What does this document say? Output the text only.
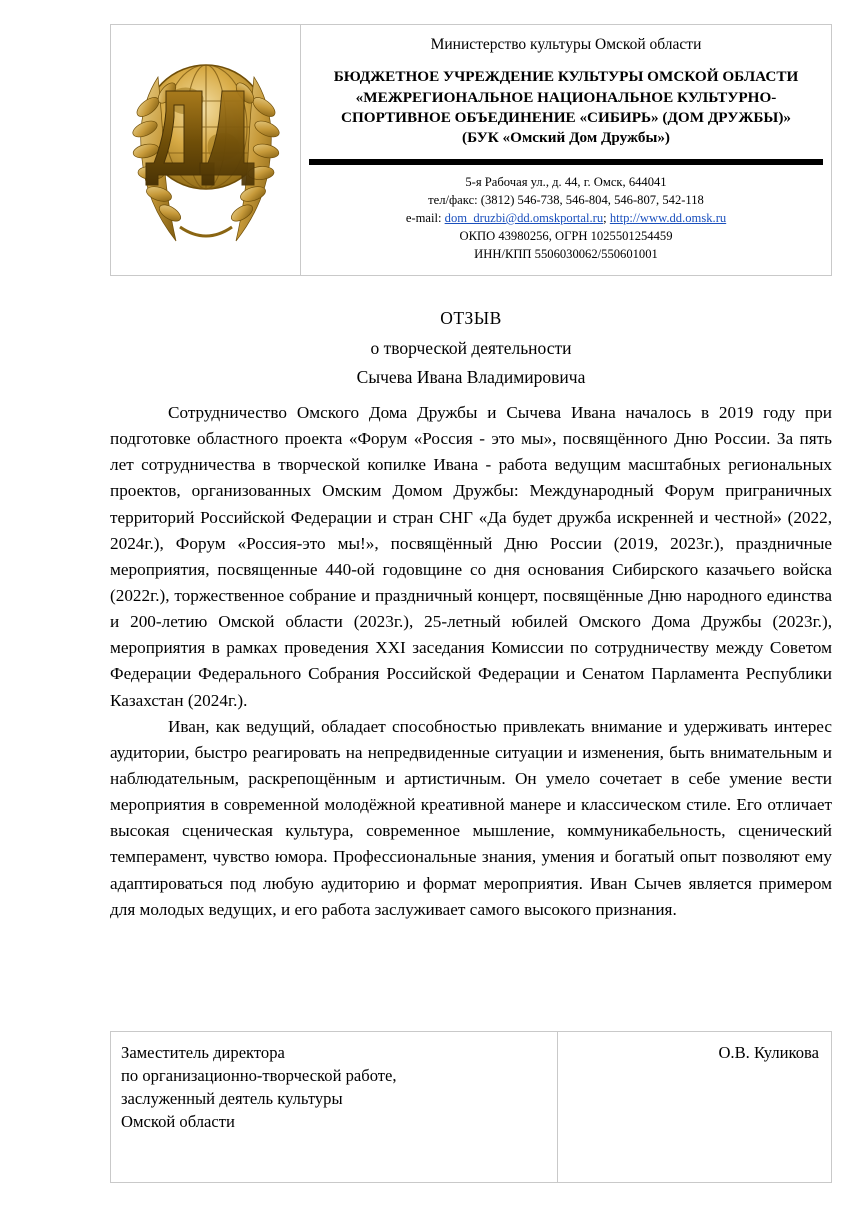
Министерство культуры Омской области
БЮДЖЕТНОЕ УЧРЕЖДЕНИЕ КУЛЬТУРЫ ОМСКОЙ ОБЛАСТИ
«МЕЖРЕГИОНАЛЬНОЕ НАЦИОНАЛЬНОЕ КУЛЬТУРНО-
СПОРТИВНОЕ ОБЪЕДИНЕНИЕ «СИБИРЬ» (ДОМ ДРУЖБЫ)»
(БУК «Омский Дом Дружбы»)
5-я Рабочая ул., д. 44, г. Омск, 644041
тел/факс: (3812) 546-738, 546-804, 546-807, 542-118
e-mail: dom_druzbi@dd.omskportal.ru; http://www.dd.omsk.ru
ОКПО 43980256, ОГРН 1025501254459
ИНН/КПП 5506030062/550601001
ОТЗЫВ
о творческой деятельности
Сычева Ивана Владимировича

Сотрудничество Омского Дома Дружбы и Сычева Ивана началось в 2019 году при подготовке областного проекта «Форум «Россия - это мы», посвящённого Дню России. За пять лет сотрудничества в творческой копилке Ивана - работа ведущим масштабных региональных проектов, организованных Омским Домом Дружбы: Международный Форум приграничных территорий Российской Федерации и стран СНГ «Да будет дружба искренней и честной» (2022, 2024г.), Форум «Россия-это мы!», посвящённый Дню России (2019, 2023г.), праздничные мероприятия, посвященные 440-ой годовщине со дня основания Сибирского казачьего войска (2022г.), торжественное собрание и праздничный концерт, посвящённые Дню народного единства и 200-летию Омской области (2023г.), 25-летный юбилей Омского Дома Дружбы (2023г.), мероприятия в рамках проведения XXI заседания Комиссии по сотрудничеству между Советом Федерации Федерального Собрания Российской Федерации и Сенатом Парламента Республики Казахстан (2024г.).

Иван, как ведущий, обладает способностью привлекать внимание и удерживать интерес аудитории, быстро реагировать на непредвиденные ситуации и изменения, быть внимательным и наблюдательным, раскрепощённым и артистичным. Он умело сочетает в себе умение вести мероприятия в современной молодёжной креативной манере и классическом стиле. Его отличает высокая сценическая культура, современное мышление, коммуникабельность, сценический темперамент, чувство юмора. Профессиональные знания, умения и богатый опыт позволяют ему адаптироваться под любую аудиторию и формат мероприятия. Иван Сычев является примером для молодых ведущих, и его работа заслуживает самого высокого признания.

Заместитель директора
по организационно-творческой работе,
заслуженный деятель культуры
Омской области
	О.В. Куликова
